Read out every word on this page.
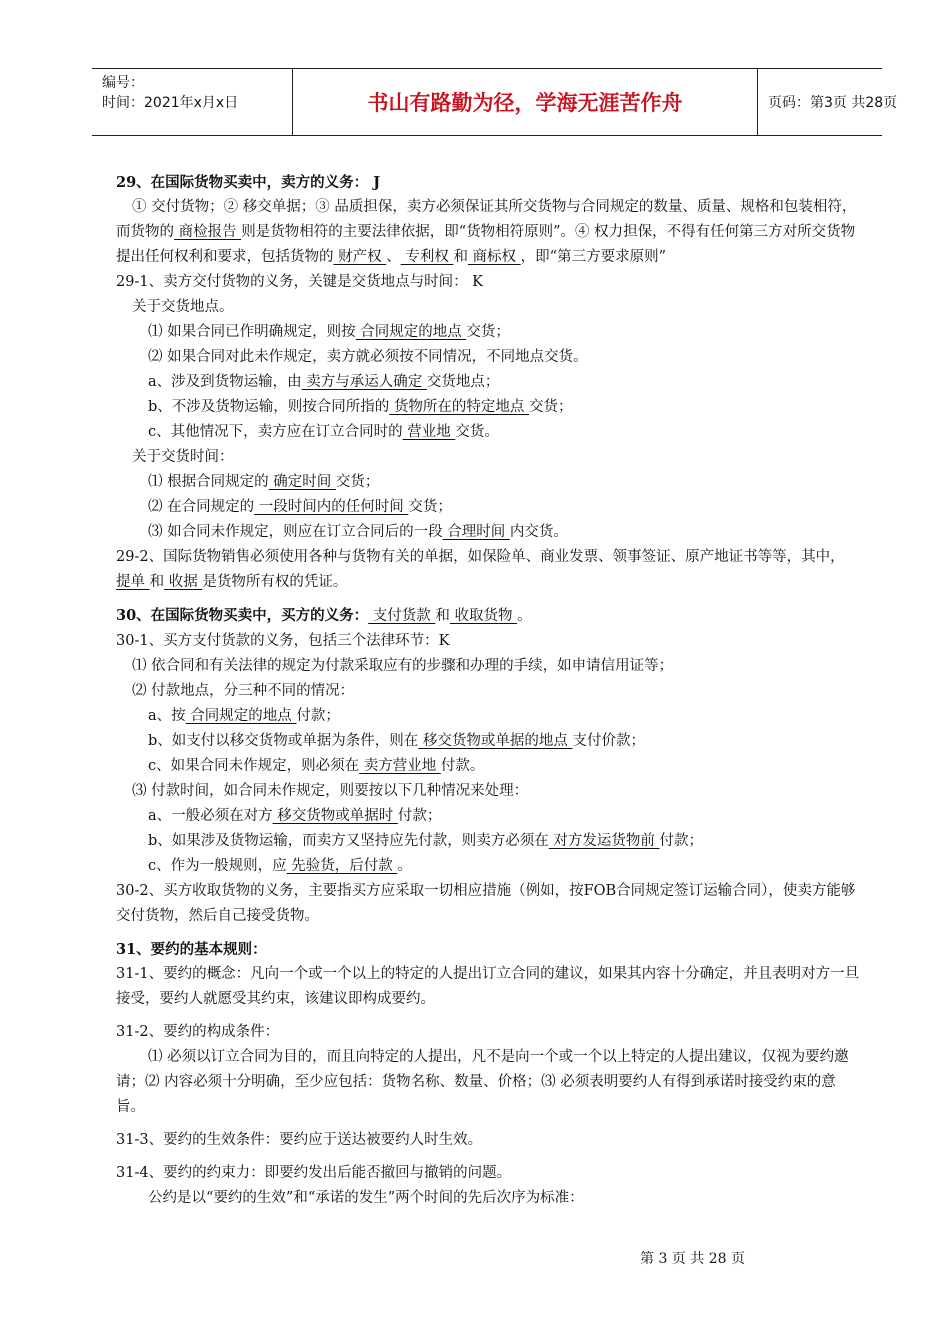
编号：
时间：2021年x月x日	书山有路勤为径，学海无涯苦作舟	页码：第3页 共28页

29、在国际货物买卖中，卖方的义务： J

① 交付货物；② 移交单据；③ 品质担保，卖方必须保证其所交货物与合同规定的数量、质量、规格和包装相符，而货物的 商检报告 则是货物相符的主要法律依据，即“货物相符原则”。④ 权力担保，不得有任何第三方对所交货物提出任何权利和要求，包括货物的 财产权 、 专利权 和 商标权 ，即“第三方要求原则”

29-1、卖方交付货物的义务，关键是交货地点与时间： K

关于交货地点。

⑴ 如果合同已作明确规定，则按 合同规定的地点 交货；

⑵ 如果合同对此未作规定，卖方就必须按不同情况，不同地点交货。

a、涉及到货物运输，由 卖方与承运人确定 交货地点；

b、不涉及货物运输，则按合同所指的 货物所在的特定地点 交货；

c、其他情况下，卖方应在订立合同时的 营业地 交货。

关于交货时间：

⑴ 根据合同规定的 确定时间 交货；

⑵ 在合同规定的 一段时间内的任何时间 交货；

⑶ 如合同未作规定，则应在订立合同后的一段 合理时间 内交货。

29-2、国际货物销售必须使用各种与货物有关的单据，如保险单、商业发票、领事签证、原产地证书等等，其中， 提单 和 收据 是货物所有权的凭证。

30、在国际货物买卖中，买方的义务： 支付货款 和 收取货物 。

30-1、买方支付货款的义务，包括三个法律环节：K

⑴ 依合同和有关法律的规定为付款采取应有的步骤和办理的手续，如申请信用证等；

⑵ 付款地点，分三种不同的情况：

a、按 合同规定的地点 付款；

b、如支付以移交货物或单据为条件，则在 移交货物或单据的地点 支付价款；

c、如果合同未作规定，则必须在 卖方营业地 付款。

⑶ 付款时间，如合同未作规定，则要按以下几种情况来处理：

a、一般必须在对方 移交货物或单据时 付款；

b、如果涉及货物运输，而卖方又坚持应先付款，则卖方必须在 对方发运货物前 付款；

c、作为一般规则，应 先验货，后付款 。

30-2、买方收取货物的义务，主要指买方应采取一切相应措施（例如，按FOB合同规定签订运输合同），使卖方能够交付货物，然后自己接受货物。

31、要约的基本规则：

31-1、要约的概念：凡向一个或一个以上的特定的人提出订立合同的建议，如果其内容十分确定，并且表明对方一旦接受，要约人就愿受其约束，该建议即构成要约。

31-2、要约的构成条件：

⑴ 必须以订立合同为目的，而且向特定的人提出，凡不是向一个或一个以上特定的人提出建议，仅视为要约邀请；⑵ 内容必须十分明确，至少应包括：货物名称、数量、价格；⑶ 必须表明要约人有得到承诺时接受约束的意旨。

31-3、要约的生效条件：要约应于送达被要约人时生效。

31-4、要约的约束力：即要约发出后能否撤回与撤销的问题。

公约是以“要约的生效”和“承诺的发生”两个时间的先后次序为标准：

第 3 页 共 28 页
